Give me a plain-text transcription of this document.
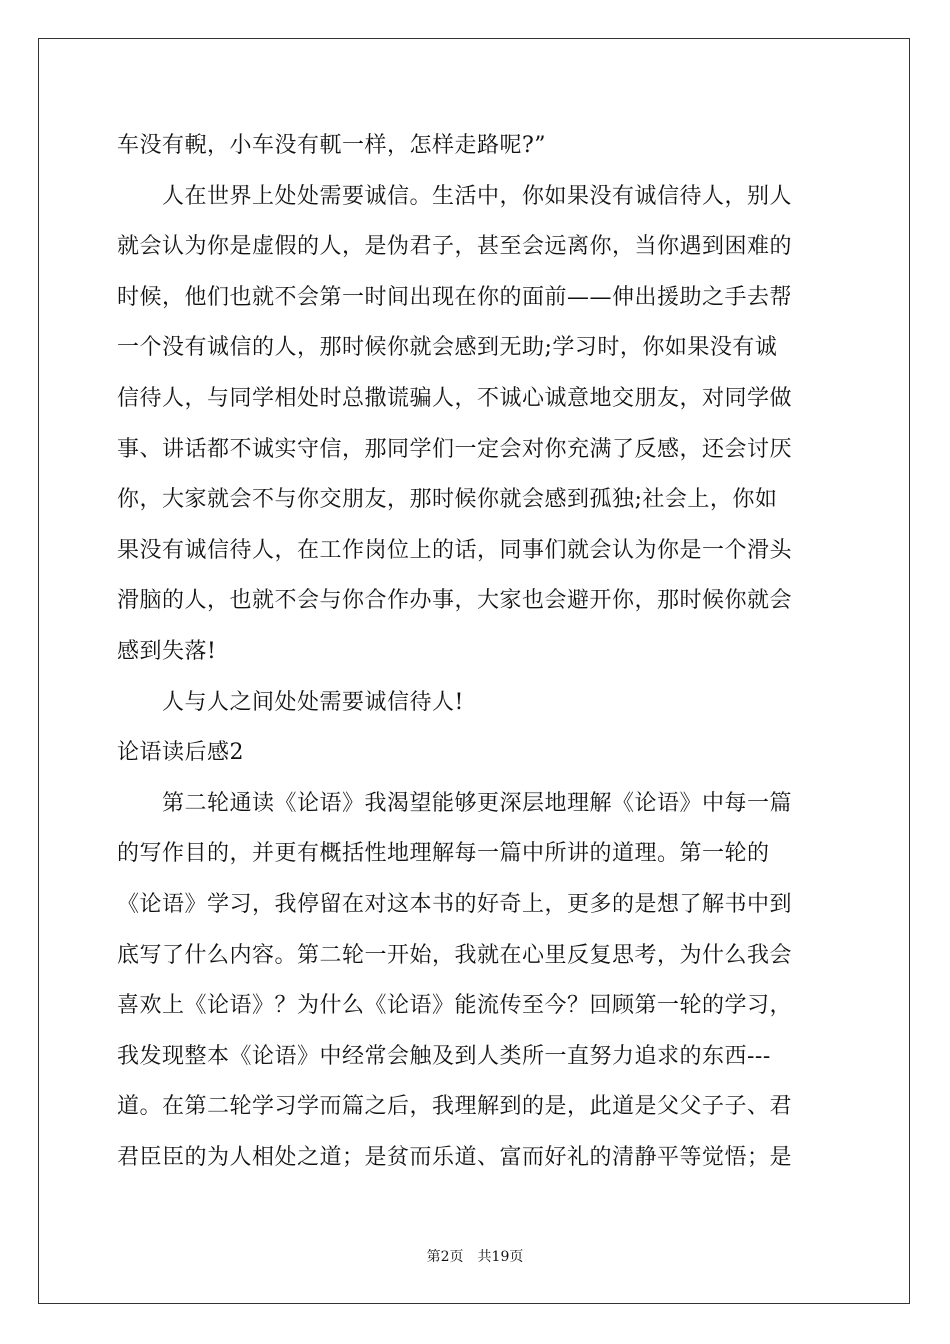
车没有輗，小车没有軏一样，怎样走路呢?”
人在世界上处处需要诚信。生活中，你如果没有诚信待人，别人
就会认为你是虚假的人，是伪君子，甚至会远离你，当你遇到困难的
时候，他们也就不会第一时间出现在你的面前——伸出援助之手去帮
一个没有诚信的人，那时候你就会感到无助;学习时，你如果没有诚
信待人，与同学相处时总撒谎骗人，不诚心诚意地交朋友，对同学做
事、讲话都不诚实守信，那同学们一定会对你充满了反感，还会讨厌
你，大家就会不与你交朋友，那时候你就会感到孤独;社会上，你如
果没有诚信待人，在工作岗位上的话，同事们就会认为你是一个滑头
滑脑的人，也就不会与你合作办事，大家也会避开你，那时候你就会
感到失落!
人与人之间处处需要诚信待人!
论语读后感2
第二轮通读《论语》我渴望能够更深层地理解《论语》中每一篇
的写作目的，并更有概括性地理解每一篇中所讲的道理。第一轮的
《论语》学习，我停留在对这本书的好奇上，更多的是想了解书中到
底写了什么内容。第二轮一开始，我就在心里反复思考，为什么我会
喜欢上《论语》？为什么《论语》能流传至今？回顾第一轮的学习，
我发现整本《论语》中经常会触及到人类所一直努力追求的东西---
道。在第二轮学习学而篇之后，我理解到的是，此道是父父子子、君
君臣臣的为人相处之道；是贫而乐道、富而好礼的清静平等觉悟；是
第2页 共19页
